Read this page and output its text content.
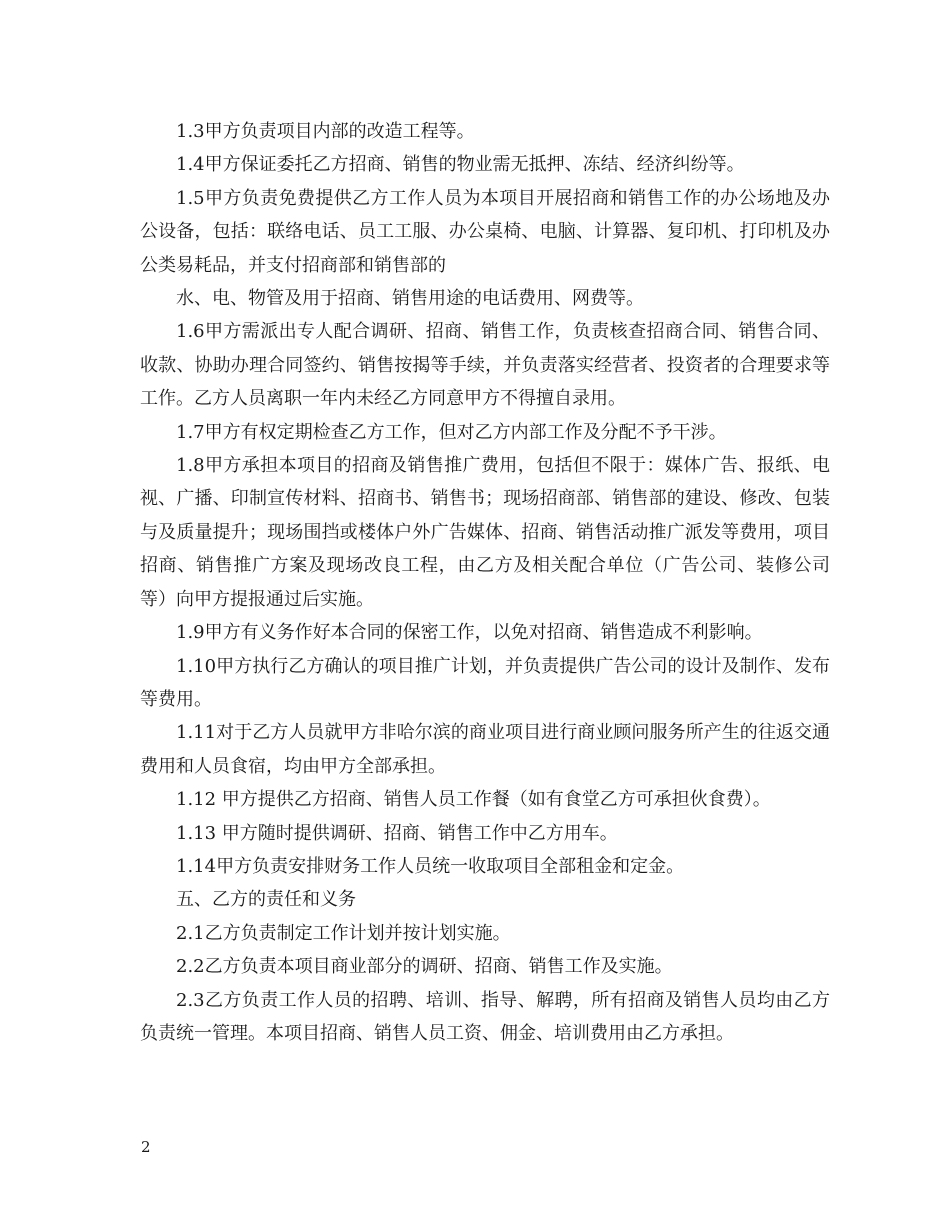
1.3甲方负责项目内部的改造工程等。

1.4甲方保证委托乙方招商、销售的物业需无抵押、冻结、经济纠纷等。

1.5甲方负责免费提供乙方工作人员为本项目开展招商和销售工作的办公场地及办公设备，包括：联络电话、员工工服、办公桌椅、电脑、计算器、复印机、打印机及办公类易耗品，并支付招商部和销售部的

水、电、物管及用于招商、销售用途的电话费用、网费等。

1.6甲方需派出专人配合调研、招商、销售工作，负责核查招商合同、销售合同、收款、协助办理合同签约、销售按揭等手续，并负责落实经营者、投资者的合理要求等工作。乙方人员离职一年内未经乙方同意甲方不得擅自录用。

1.7甲方有权定期检查乙方工作，但对乙方内部工作及分配不予干涉。

1.8甲方承担本项目的招商及销售推广费用，包括但不限于：媒体广告、报纸、电视、广播、印制宣传材料、招商书、销售书；现场招商部、销售部的建设、修改、包装与及质量提升；现场围挡或楼体户外广告媒体、招商、销售活动推广派发等费用，项目招商、销售推广方案及现场改良工程，由乙方及相关配合单位（广告公司、装修公司等）向甲方提报通过后实施。

1.9甲方有义务作好本合同的保密工作，以免对招商、销售造成不利影响。

1.10甲方执行乙方确认的项目推广计划，并负责提供广告公司的设计及制作、发布等费用。

1.11对于乙方人员就甲方非哈尔滨的商业项目进行商业顾问服务所产生的往返交通费用和人员食宿，均由甲方全部承担。

1.12 甲方提供乙方招商、销售人员工作餐（如有食堂乙方可承担伙食费）。

1.13 甲方随时提供调研、招商、销售工作中乙方用车。

1.14甲方负责安排财务工作人员统一收取项目全部租金和定金。

五、乙方的责任和义务

2.1乙方负责制定工作计划并按计划实施。

2.2乙方负责本项目商业部分的调研、招商、销售工作及实施。

2.3乙方负责工作人员的招聘、培训、指导、解聘，所有招商及销售人员均由乙方负责统一管理。本项目招商、销售人员工资、佣金、培训费用由乙方承担。

2
